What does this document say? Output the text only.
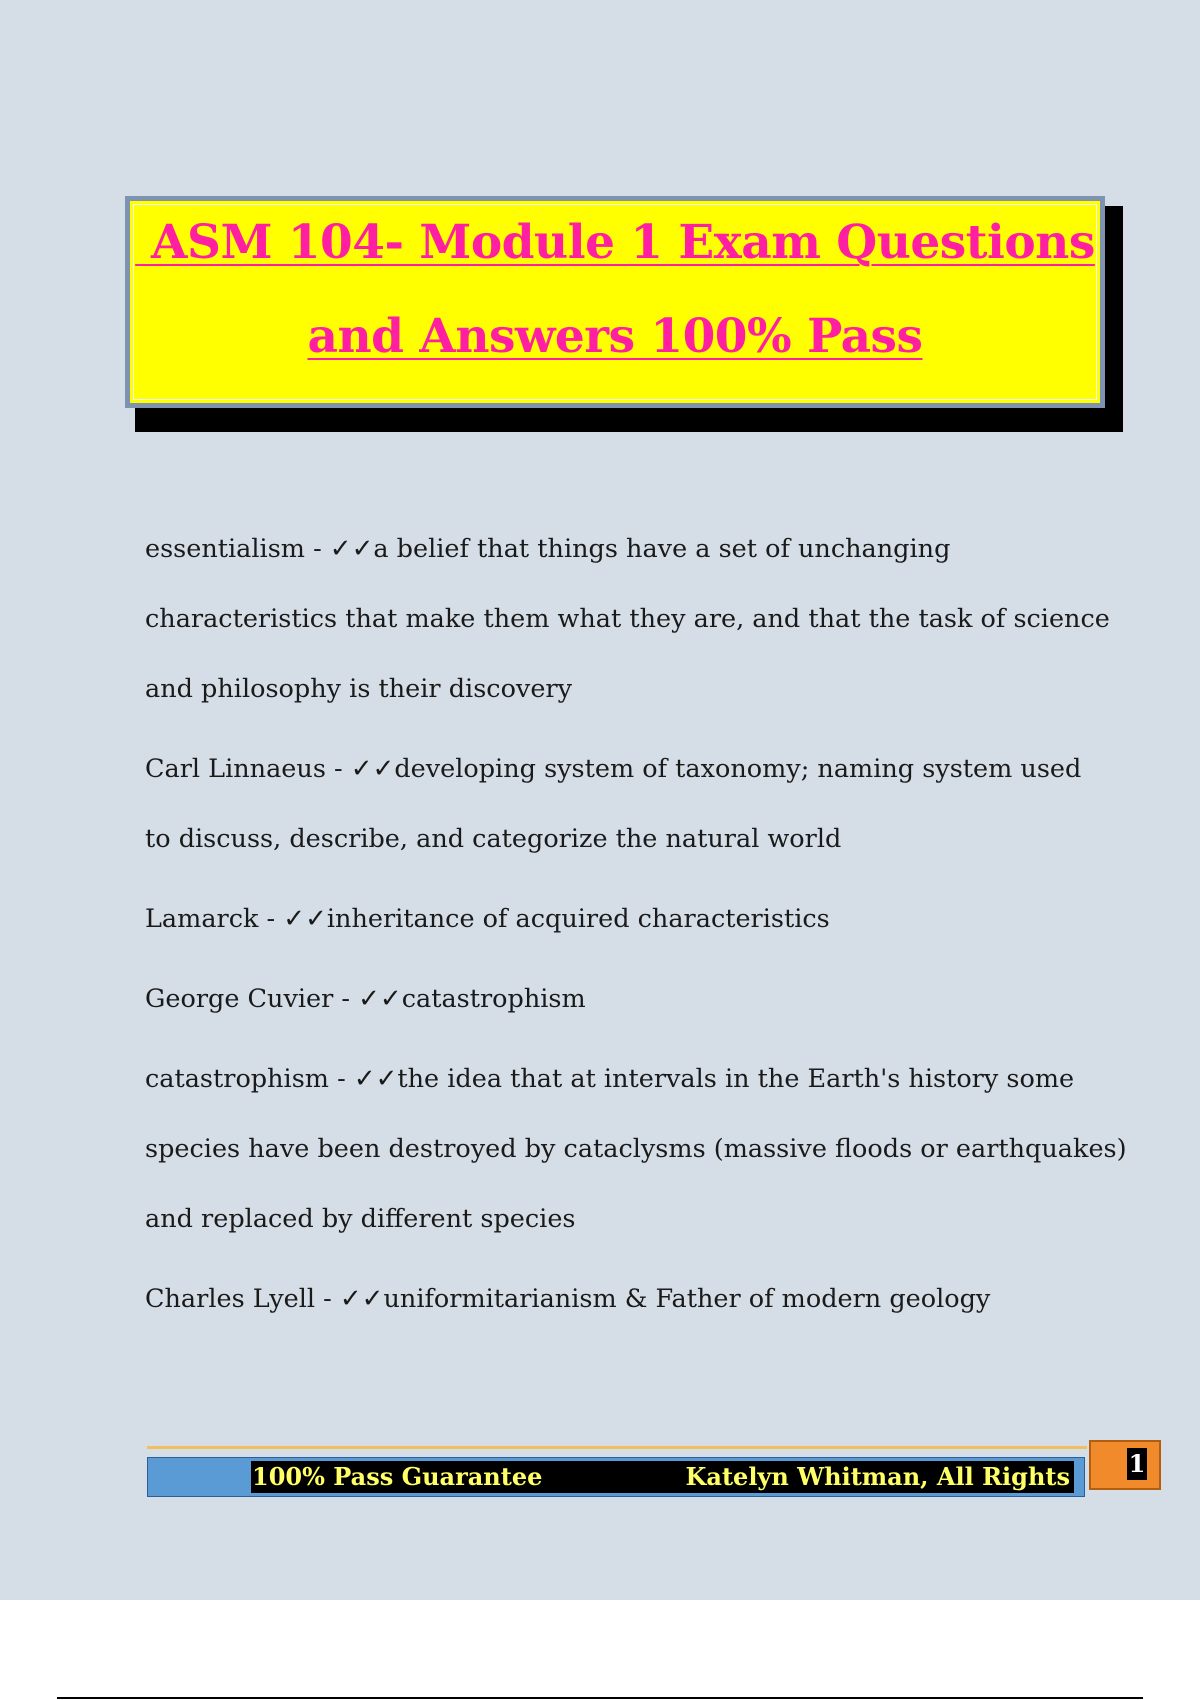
ASM 104- Module 1 Exam Questions
and Answers 100% Pass
essentialism - ✓✓a belief that things have a set of unchanging
characteristics that make them what they are, and that the task of science
and philosophy is their discovery
Carl Linnaeus - ✓✓developing system of taxonomy; naming system used
to discuss, describe, and categorize the natural world
Lamarck - ✓✓inheritance of acquired characteristics
George Cuvier - ✓✓catastrophism
catastrophism - ✓✓the idea that at intervals in the Earth's history some
species have been destroyed by cataclysms (massive floods or earthquakes)
and replaced by different species
Charles Lyell - ✓✓uniformitarianism & Father of modern geology
100% Pass Guarantee	Katelyn Whitman, All Rights 1
